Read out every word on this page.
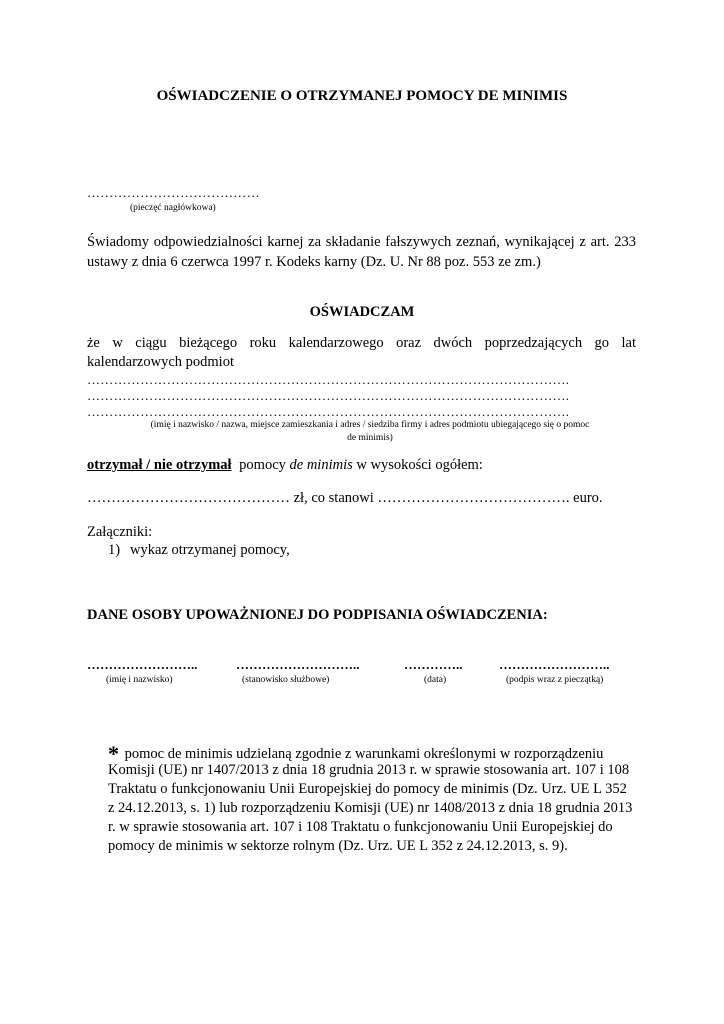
OŚWIADCZENIE O OTRZYMANEJ POMOCY DE MINIMIS
…………………………………
(pieczęć nagłówkowa)
Świadomy odpowiedzialności karnej za składanie fałszywych zeznań, wynikającej z art. 233
ustawy z dnia 6 czerwca 1997 r. Kodeks karny (Dz. U. Nr 88 poz. 553 ze zm.)
OŚWIADCZAM
że w ciągu bieżącego roku kalendarzowego oraz dwóch poprzedzających go lat
kalendarzowych podmiot
……………………………………………………………………………………………….
……………………………………………………………………………………………….
……………………………………………………………………………………………….
(imię i nazwisko / nazwa, miejsce zamieszkania i adres / siedziba firmy i adres podmiotu ubiegającego się o pomoc
de minimis)
otrzymał / nie otrzymał pomocy de minimis w wysokości ogółem:
…………………………………… zł, co stanowi …………………………………. euro.
Załączniki:
1) wykaz otrzymanej pomocy,
DANE OSOBY UPOWAŻNIONEJ DO PODPISANIA OŚWIADCZENIA:
……………………..
(imię i nazwisko)
………………………..
(stanowisko służbowe)
…………..
(data)
……………………..
(podpis wraz z pieczątką)
* pomoc de minimis udzielaną zgodnie z warunkami określonymi w rozporządzeniu
Komisji (UE) nr 1407/2013 z dnia 18 grudnia 2013 r. w sprawie stosowania art. 107 i 108
Traktatu o funkcjonowaniu Unii Europejskiej do pomocy de minimis (Dz. Urz. UE L 352
z 24.12.2013, s. 1) lub rozporządzeniu Komisji (UE) nr 1408/2013 z dnia 18 grudnia 2013
r. w sprawie stosowania art. 107 i 108 Traktatu o funkcjonowaniu Unii Europejskiej do
pomocy de minimis w sektorze rolnym (Dz. Urz. UE L 352 z 24.12.2013, s. 9).
